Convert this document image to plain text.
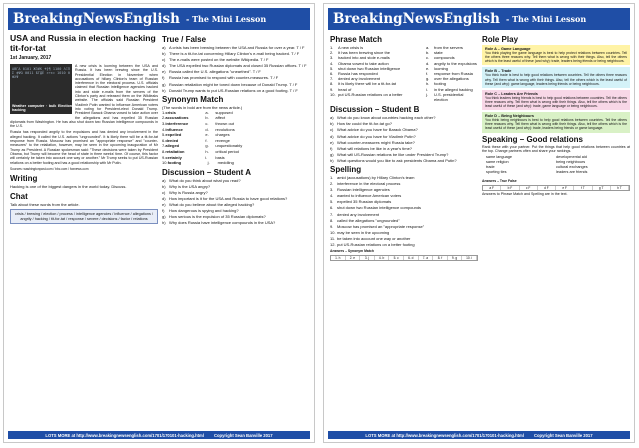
BreakingNewsEnglish - The Mini Lesson
USA and Russia in election hacking tit-for-tat
1st January, 2017
ΑΒΓΔ 0101 ЖЗИК ǂ§¶ 1100 ΛΞΠΣ ϕΨΩ 0011 БГДЁ ×÷±≈ 1010 ΘΦΧΨ
Weather computer · bulk Election hacking

A new crisis is looming between the USA and Russia. It has been brewing since the U.S. Presidential Election in November when accusations of hillary Clinton's team of Russian interference in the electoral process. U.S. officials claimed that Russian intelligence agencies hacked into and stole e-mails from the servers of the Clinton's party and released them on the Wikileaks website. The officials said Russian President Vladimir Putin wanted to influence American voters into voting for President-elect Donald Trump. President Barack Obama vowed to take action over the allegations and has expelled 35 Russian diplomats from Washington. He has also shut down two Russian intelligence compounds in the U.S.

Russia has responded angrily to the expulsions and has denied any involvement in the alleged hacking. It called the U.S. actions "ungrounded". It is likely there will be a tit-for-tat response from Russia. Moscow has promised an "appropriate response" and "counter-measures" to the retaliation, however, may be seen in the upcoming inauguration of Mr Trump as President. A Russian spokesman said: "These decisions were taken by President Obama, but Trump will become the head of state in three weeks' time. Of course, this factor will certainly be taken into account one way or another." Mr Trump seeks to put US-Russian relations on a better footing and has a good relationship with Mr Putin.

Sources: washingtonpost.com / bbc.com / foxnews.com
Writing
Hacking is one of the biggest dangers in the world today. Discuss.
Chat
Talk about these words from the article.
crisis / brewing / election / process / intelligence agencies / influence / allegations / angrily / hacking / tit-for-tat / response / severe / decisions / factor / relations
True / False
a) A crisis has been brewing between the USA and Russia for over a year. T / F
b) There is a tit-for-tat concerning Hillary Clinton's e-mail being hacked. T / F
c) The e-mails were posted on the website Wikipedia. T / F
d) The USA expelled two Russian diplomats and closed 35 Russian offices. T / F
e) Russia called the U.S. allegations "unearthed". T / F
f)	Russia has promised to respond with counter-measures. T / F
g) Russian retaliation might be toned down because of Donald Trump. T / F
h) Donald Trump wants to put US-Russian relations on a good footing. T / F
Synonym Match
(The words in bold are from the news article.)
1. crisis	a.	supposed
2. accusations	b.	affect
3. interference	c.	thrown out
4. influence	d.	revolutions
5. expelled	e.	charges
6. denied	f.	revenge
7. alleged	g.	unquestionably
8. retaliation	h.	critical period
9. certainly	i.	basis
10. footing	j.	meddling
Discussion – Student A
a) What do you think about what you read?
b) Why is the USA angry?
c) Why is Russia angry?
d) How important is it for the USA and Russia to have good relations?
e) What do you believe about the alleged hacking?
f)	How dangerous is spying and hacking?
g) How serious is the expulsion of 35 Russian diplomats?
h) Why does Russia have intelligence compounds in the USA?
LOTS MORE at http://www.breakingnewsenglish.com/1701/170101-hacking.html Copyright Sean Banville 2017
BreakingNewsEnglish - The Mini Lesson
Phrase Match
1.	A new crisis is	a.	from the servers
2.	It has been brewing since the	b.	state
3.	hacked into and stole e-mails	c.	compounds
4.	Obama vowed to take action	d.	angrily to the expulsions
5.	shut down two Russian intelligence	e.	looming
6.	Russia has responded	f.	response from Russia
7.	denied any involvement	g.	over the allegations
8.	It is likely there will be a tit-for-tat	h.	footing
9.	head of	i.	in the alleged hacking
10. put US-Russian relations on a better	j.	U.S. presidential election
Discussion – Student B
a) What do you know about countries hacking each other?
b) How far could the tit-for-tat go?
c) What advice do you have for Barack Obama?
d) What advice do you have for Vladimir Putin?
e) What counter-measures might Russia take?
f)	What will relations be like in a year's time?
g) What will US-Russian relations be like under President Trump?
h) What questions would you like to ask presidents Obama and Putin?
Spelling
1. amid (accusations) by Hillary Clinton's team
2. interference in the electoral process
3. Russian intelligence agencies
4. wanted to influence American voters
5. expelled 35 Russian diplomats
6. shut down two Russian intelligence compounds
7. denied any involvement
8. called the allegations "ungrounded"
9. Moscow has promised an "appropriate response"
10. may be seen in the upcoming
11. be taken into account one way or another
12. put US-Russian relations on a better footing
Answers – Synonym Match
1. h	2. e	3. j	4. b	5. c	6. d	7. a	8. f	9. g	10. i
Role Play
Role A – Game Language
You think playing the game language is best to help protect relations between countries. Tell the others three reasons why. Tell them what is wrong with their things. Also, tell the others which is the least useful of these (and why): trade, leaders being friends or being neighbours.
Role B – Trade
You think trade is best to help good relations between countries. Tell the others three reasons why. Tell them what is wrong with their things. Also, tell the others which is the least useful of these (and why): game language, leaders being friends or being neighbours.
Role C – Leaders Are Friends
You think leaders being friends is best to help good relations between countries. Tell the others three reasons why. Tell them what is wrong with their things. Also, tell the others which is the least useful of these (and why): trade, game language or being neighbours.
Role D – Being Neighbours
You think being neighbours is best to help good relations between countries. Tell the others three reasons why. Tell them what is wrong with their things. Also, tell the others which is the least useful of these (and why): trade, leaders being friends or game language.
Speaking – Good relations
Rank these with your partner. Put the things that help good relations between countries at the top. Change partners often and share your rankings.
same language	developmental aid
same religion	being neighbours
trade	cultural exchanges
sporting ties	leaders are friends
Answers – True False
a F	b F	c F	d F	e F	f T	g T	h T
Answers to Phrase Match and Spelling are in the text.
LOTS MORE at http://www.breakingnewsenglish.com/1701/170101-hacking.html Copyright Sean Banville 2017
